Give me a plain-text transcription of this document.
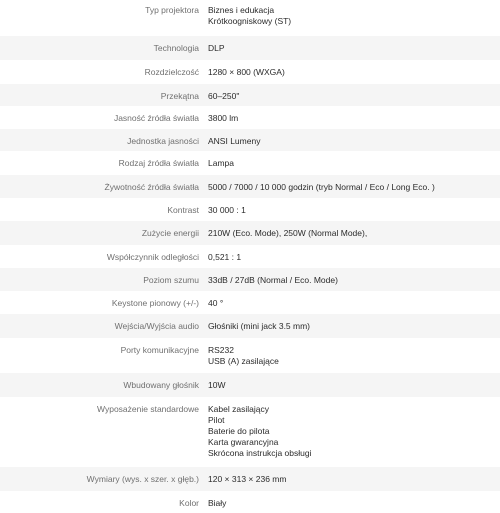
Typ projektora	Biznes i edukacja
Krótkoogniskowy (ST)
Technologia	DLP
Rozdzielczość	1280 × 800 (WXGA)
Przekątna	60–250"
Jasność źródła światła	3800 lm
Jednostka jasności	ANSI Lumeny
Rodzaj źródła światła	Lampa
Żywotność źródła światła	5000 / 7000 / 10 000 godzin (tryb Normal / Eco / Long Eco. )
Kontrast	30 000 : 1
Zużycie energii	210W (Eco. Mode), 250W (Normal Mode),
Współczynnik odległości	0,521 : 1
Poziom szumu	33dB / 27dB (Normal / Eco. Mode)
Keystone pionowy (+/-)	40 °
Wejścia/Wyjścia audio	Głośniki (mini jack 3.5 mm)
Porty komunikacyjne	RS232
USB (A) zasilające
Wbudowany głośnik	10W
Wyposażenie standardowe	Kabel zasilający
Pilot
Baterie do pilota
Karta gwarancyjna
Skrócona instrukcja obsługi
Wymiary (wys. x szer. x głęb.)	120 × 313 × 236 mm
Kolor	Biały
